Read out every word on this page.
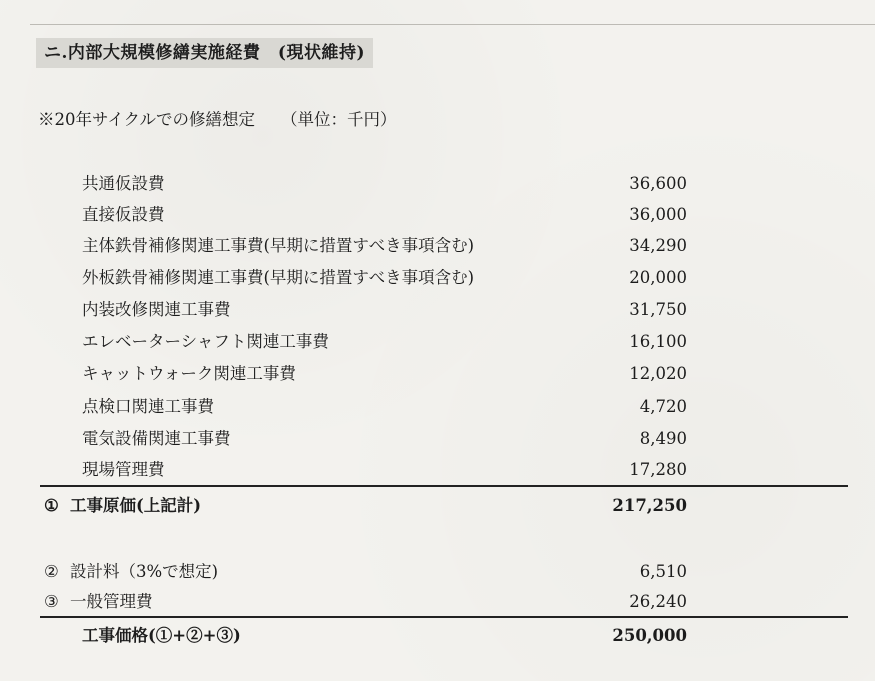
ニ.内部大規模修繕実施経費　(現状維持)
※20年サイクルでの修繕想定 （単位：千円）
共通仮設費	36,600
直接仮設費	36,000
主体鉄骨補修関連工事費(早期に措置すべき事項含む)	34,290
外板鉄骨補修関連工事費(早期に措置すべき事項含む)	20,000
内装改修関連工事費	31,750
エレベーターシャフト関連工事費	16,100
キャットウォーク関連工事費	12,020
点検口関連工事費	4,720
電気設備関連工事費	8,490
現場管理費	17,280
① 工事原価(上記計)	217,250
② 設計料（3%で想定)	6,510
③ 一般管理費	26,240
工事価格(①+②+③)	250,000
